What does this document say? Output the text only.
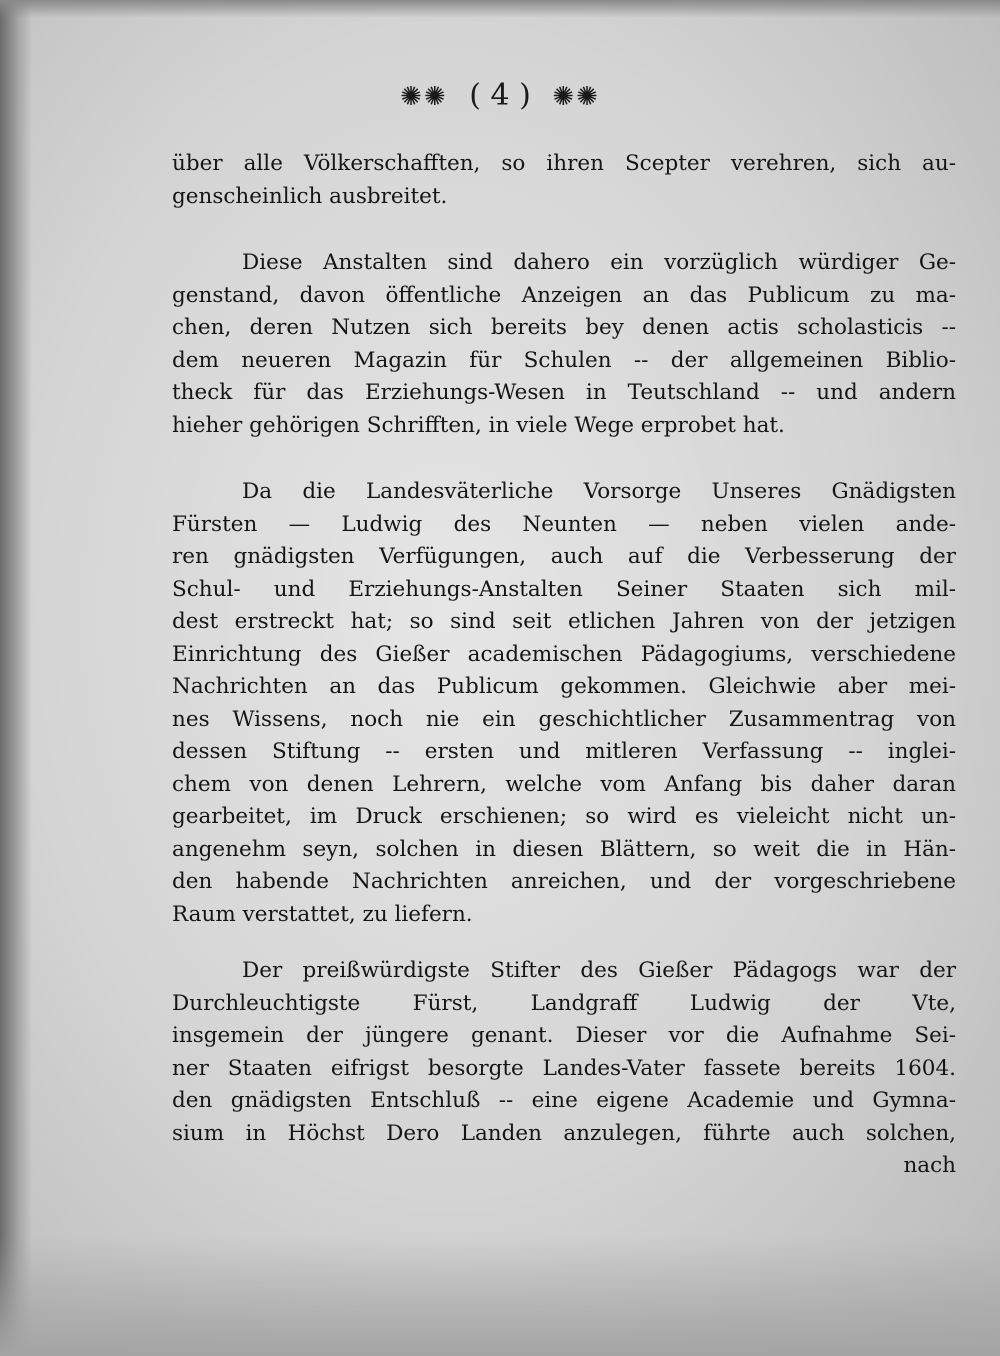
✺✺ ( 4 ) ✺✺
über alle Völkerschafften, so ihren Scepter verehren, sich au-
genscheinlich ausbreitet.
Diese Anstalten sind dahero ein vorzüglich würdiger Ge-
genstand, davon öffentliche Anzeigen an das Publicum zu ma-
chen, deren Nutzen sich bereits bey denen actis scholasticis --
dem neueren Magazin für Schulen -- der allgemeinen Biblio-
theck für das Erziehungs-Wesen in Teutschland -- und andern
hieher gehörigen Schrifften, in viele Wege erprobet hat.
Da die Landesväterliche Vorsorge Unseres Gnädigsten
Fürsten — Ludwig des Neunten — neben vielen ande-
ren gnädigsten Verfügungen, auch auf die Verbesserung der
Schul- und Erziehungs-Anstalten Seiner Staaten sich mil-
dest erstreckt hat; so sind seit etlichen Jahren von der jetzigen
Einrichtung des Gießer academischen Pädagogiums, verschiedene
Nachrichten an das Publicum gekommen. Gleichwie aber mei-
nes Wissens, noch nie ein geschichtlicher Zusammentrag von
dessen Stiftung -- ersten und mitleren Verfassung -- inglei-
chem von denen Lehrern, welche vom Anfang bis daher daran
gearbeitet, im Druck erschienen; so wird es vieleicht nicht un-
angenehm seyn, solchen in diesen Blättern, so weit die in Hän-
den habende Nachrichten anreichen, und der vorgeschriebene
Raum verstattet, zu liefern.
Der preißwürdigste Stifter des Gießer Pädagogs war der
Durchleuchtigste Fürst, Landgraff Ludwig der Vte,
insgemein der jüngere genant. Dieser vor die Aufnahme Sei-
ner Staaten eifrigst besorgte Landes-Vater fassete bereits 1604.
den gnädigsten Entschluß -- eine eigene Academie und Gymna-
sium in Höchst Dero Landen anzulegen, führte auch solchen,
nach
